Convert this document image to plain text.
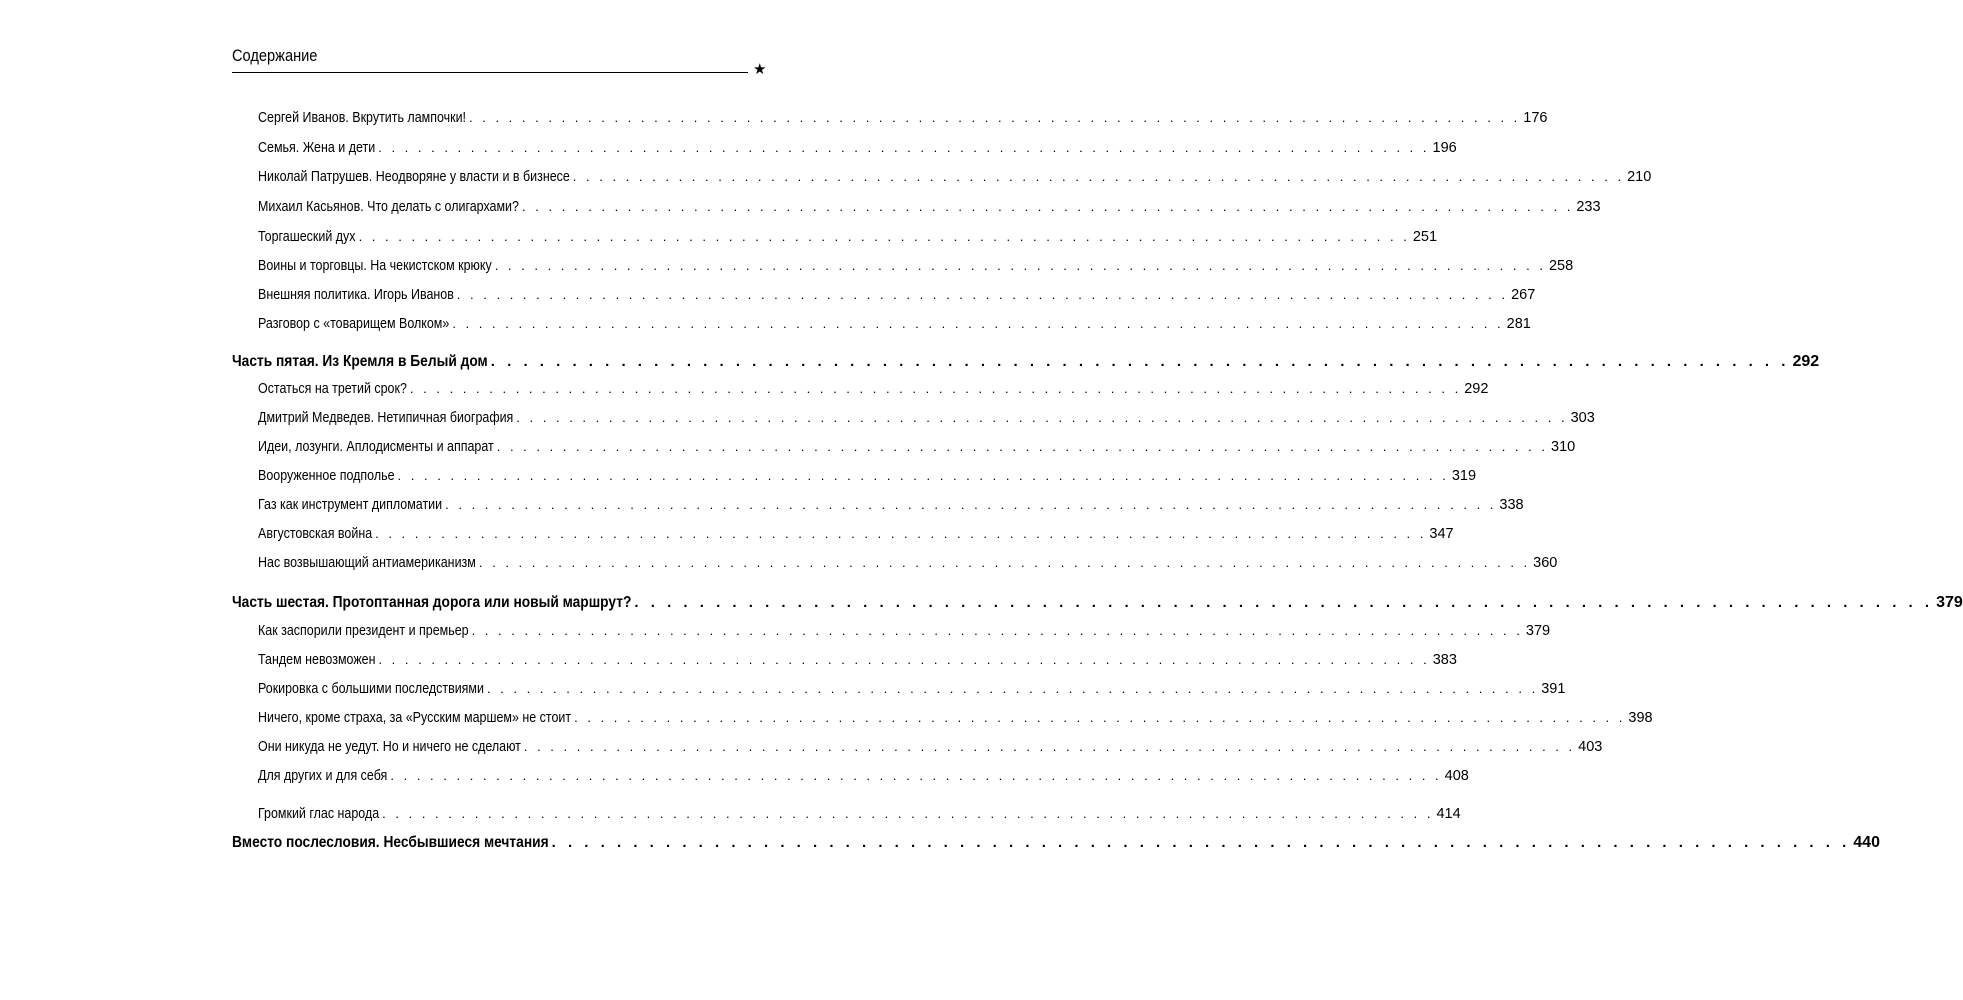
Содержание
★
Сергей Иванов. Вкрутить лампочки! . . . . . . . . . . . . . . . . . . . . . . . . . . . . . . . . . . . . . . . . . . . . . . . . . . . . . . . . . . . . . . . . . . . . . . . . . . . . . . . . 176
Семья. Жена и дети . . . . . . . . . . . . . . . . . . . . . . . . . . . . . . . . . . . . . . . . . . . . . . . . . . . . . . . . . . . . . . . . . . . . . . . . . . . . . . . . 196
Николай Патрушев. Неодворяне у власти и в бизнесе . . . . . . . . . . . . . . . . . . . . . . . . . . . . . . . . . . . . . . . . . . . . . . . . . . . . . . . . . . . . . . . . . . . . . . . . . . . . . . . . 210
Михаил Касьянов. Что делать с олигархами? . . . . . . . . . . . . . . . . . . . . . . . . . . . . . . . . . . . . . . . . . . . . . . . . . . . . . . . . . . . . . . . . . . . . . . . . . . . . . . . . 233
Торгашеский дух . . . . . . . . . . . . . . . . . . . . . . . . . . . . . . . . . . . . . . . . . . . . . . . . . . . . . . . . . . . . . . . . . . . . . . . . . . . . . . . . 251
Воины и торговцы. На чекистском крюку . . . . . . . . . . . . . . . . . . . . . . . . . . . . . . . . . . . . . . . . . . . . . . . . . . . . . . . . . . . . . . . . . . . . . . . . . . . . . . . . 258
Внешняя политика. Игорь Иванов . . . . . . . . . . . . . . . . . . . . . . . . . . . . . . . . . . . . . . . . . . . . . . . . . . . . . . . . . . . . . . . . . . . . . . . . . . . . . . . . 267
Разговор с «товарищем Волком» . . . . . . . . . . . . . . . . . . . . . . . . . . . . . . . . . . . . . . . . . . . . . . . . . . . . . . . . . . . . . . . . . . . . . . . . . . . . . . . . 281
Часть пятая. Из Кремля в Белый дом . . . . . . . . . . . . . . . . . . . . . . . . . . . . . . . . . . . . . . . . . . . . . . . . . . . . . . . . . . . . . . . . . . . . . . . . . . . . . . . . 292
Остаться на третий срок? . . . . . . . . . . . . . . . . . . . . . . . . . . . . . . . . . . . . . . . . . . . . . . . . . . . . . . . . . . . . . . . . . . . . . . . . . . . . . . . . 292
Дмитрий Медведев. Нетипичная биография . . . . . . . . . . . . . . . . . . . . . . . . . . . . . . . . . . . . . . . . . . . . . . . . . . . . . . . . . . . . . . . . . . . . . . . . . . . . . . . . 303
Идеи, лозунги. Аплодисменты и аппарат . . . . . . . . . . . . . . . . . . . . . . . . . . . . . . . . . . . . . . . . . . . . . . . . . . . . . . . . . . . . . . . . . . . . . . . . . . . . . . . . 310
Вооруженное подполье . . . . . . . . . . . . . . . . . . . . . . . . . . . . . . . . . . . . . . . . . . . . . . . . . . . . . . . . . . . . . . . . . . . . . . . . . . . . . . . . 319
Газ как инструмент дипломатии . . . . . . . . . . . . . . . . . . . . . . . . . . . . . . . . . . . . . . . . . . . . . . . . . . . . . . . . . . . . . . . . . . . . . . . . . . . . . . . . 338
Августовская война . . . . . . . . . . . . . . . . . . . . . . . . . . . . . . . . . . . . . . . . . . . . . . . . . . . . . . . . . . . . . . . . . . . . . . . . . . . . . . . . 347
Нас возвышающий антиамериканизм . . . . . . . . . . . . . . . . . . . . . . . . . . . . . . . . . . . . . . . . . . . . . . . . . . . . . . . . . . . . . . . . . . . . . . . . . . . . . . . . 360
Часть шестая. Протоптанная дорога или новый маршрут? . . . . . . . . . . . . . . . . . . . . . . . . . . . . . . . . . . . . . . . . . . . . . . . . . . . . . . . . . . . . . . . . . . . . . . . . . . . . . . . . 379
Как заспорили президент и премьер . . . . . . . . . . . . . . . . . . . . . . . . . . . . . . . . . . . . . . . . . . . . . . . . . . . . . . . . . . . . . . . . . . . . . . . . . . . . . . . . 379
Тандем невозможен . . . . . . . . . . . . . . . . . . . . . . . . . . . . . . . . . . . . . . . . . . . . . . . . . . . . . . . . . . . . . . . . . . . . . . . . . . . . . . . . 383
Рокировка с большими последствиями . . . . . . . . . . . . . . . . . . . . . . . . . . . . . . . . . . . . . . . . . . . . . . . . . . . . . . . . . . . . . . . . . . . . . . . . . . . . . . . . 391
Ничего, кроме страха, за «Русским маршем» не стоит . . . . . . . . . . . . . . . . . . . . . . . . . . . . . . . . . . . . . . . . . . . . . . . . . . . . . . . . . . . . . . . . . . . . . . . . . . . . . . . . 398
Они никуда не уедут. Но и ничего не сделают . . . . . . . . . . . . . . . . . . . . . . . . . . . . . . . . . . . . . . . . . . . . . . . . . . . . . . . . . . . . . . . . . . . . . . . . . . . . . . . . 403
Для других и для себя . . . . . . . . . . . . . . . . . . . . . . . . . . . . . . . . . . . . . . . . . . . . . . . . . . . . . . . . . . . . . . . . . . . . . . . . . . . . . . . . 408
Громкий глас народа . . . . . . . . . . . . . . . . . . . . . . . . . . . . . . . . . . . . . . . . . . . . . . . . . . . . . . . . . . . . . . . . . . . . . . . . . . . . . . . . 414
Вместо послесловия. Несбывшиеся мечтания . . . . . . . . . . . . . . . . . . . . . . . . . . . . . . . . . . . . . . . . . . . . . . . . . . . . . . . . . . . . . . . . . . . . . . . . . . . . . . . . 440
